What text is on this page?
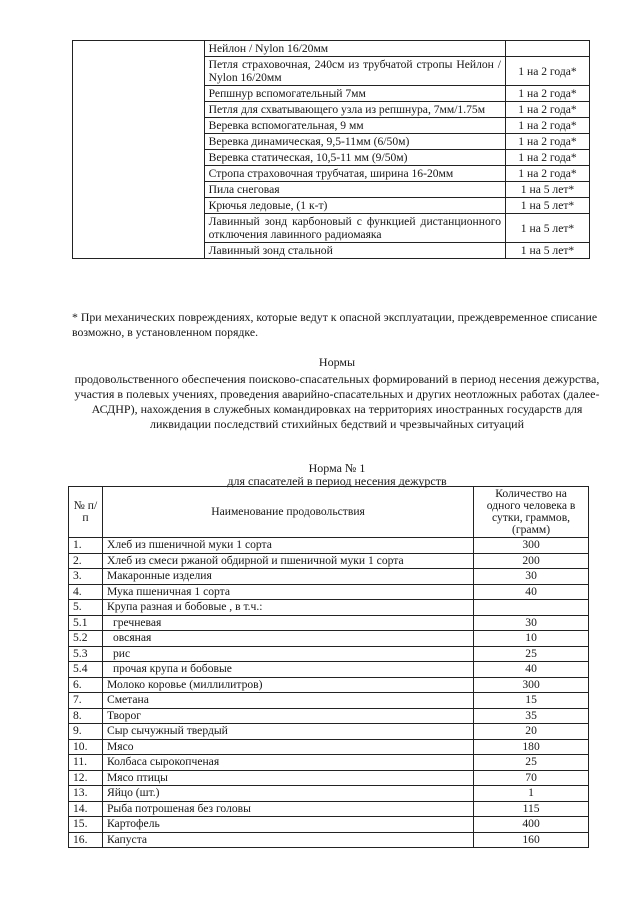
	Нейлон / Nylon 16/20мм	
	Петля страховочная, 240см из трубчатой стропы Нейлон / Nylon 16/20мм	1 на 2 года*
	Репшнур вспомогательный 7мм	1 на 2 года*
	Петля для схватывающего узла из репшнура, 7мм/1.75м	1 на 2 года*
	Веревка вспомогательная, 9 мм	1 на 2 года*
	Веревка динамическая, 9,5-11мм (6/50м)	1 на 2 года*
	Веревка статическая, 10,5-11 мм (9/50м)	1 на 2 года*
	Стропа страховочная трубчатая, ширина 16-20мм	1 на 2 года*
	Пила снеговая	1 на 5 лет*
	Крючья ледовые, (1 к-т)	1 на 5 лет*
	Лавинный зонд карбоновый с функцией дистанционного отключения лавинного радиомаяка	1 на 5 лет*
	Лавинный зонд стальной	1 на 5 лет*
* При механических повреждениях, которые ведут к опасной эксплуатации, преждевременное списание возможно, в установленном порядке.
Нормы
продовольственного обеспечения поисково-спасательных формирований в период несения дежурства, участия в полевых учениях, проведения аварийно-спасательных и других неотложных работах (далее-АСДНР), нахождения в служебных командировках на территориях иностранных государств для ликвидации последствий стихийных бедствий и чрезвычайных ситуаций
Норма № 1
для спасателей в период несения дежурств
№ п/п	Наименование продовольствия	Количество на одного человека в сутки, граммов, (грамм)
1.	Хлеб из пшеничной муки 1 сорта	300
2.	Хлеб из смеси ржаной обдирной и пшеничной муки 1 сорта	200
3.	Макаронные изделия	30
4.	Мука пшеничная 1 сорта	40
5.	Крупа разная и бобовые , в т.ч.:	
5.1	гречневая	30
5.2	овсяная	10
5.3	рис	25
5.4	прочая крупа и бобовые	40
6.	Молоко коровье (миллилитров)	300
7.	Сметана	15
8.	Творог	35
9.	Сыр сычужный твердый	20
10.	Мясо	180
11.	Колбаса сырокопченая	25
12.	Мясо птицы	70
13.	Яйцо (шт.)	1
14.	Рыба потрошеная без головы	115
15.	Картофель	400
16.	Капуста	160
